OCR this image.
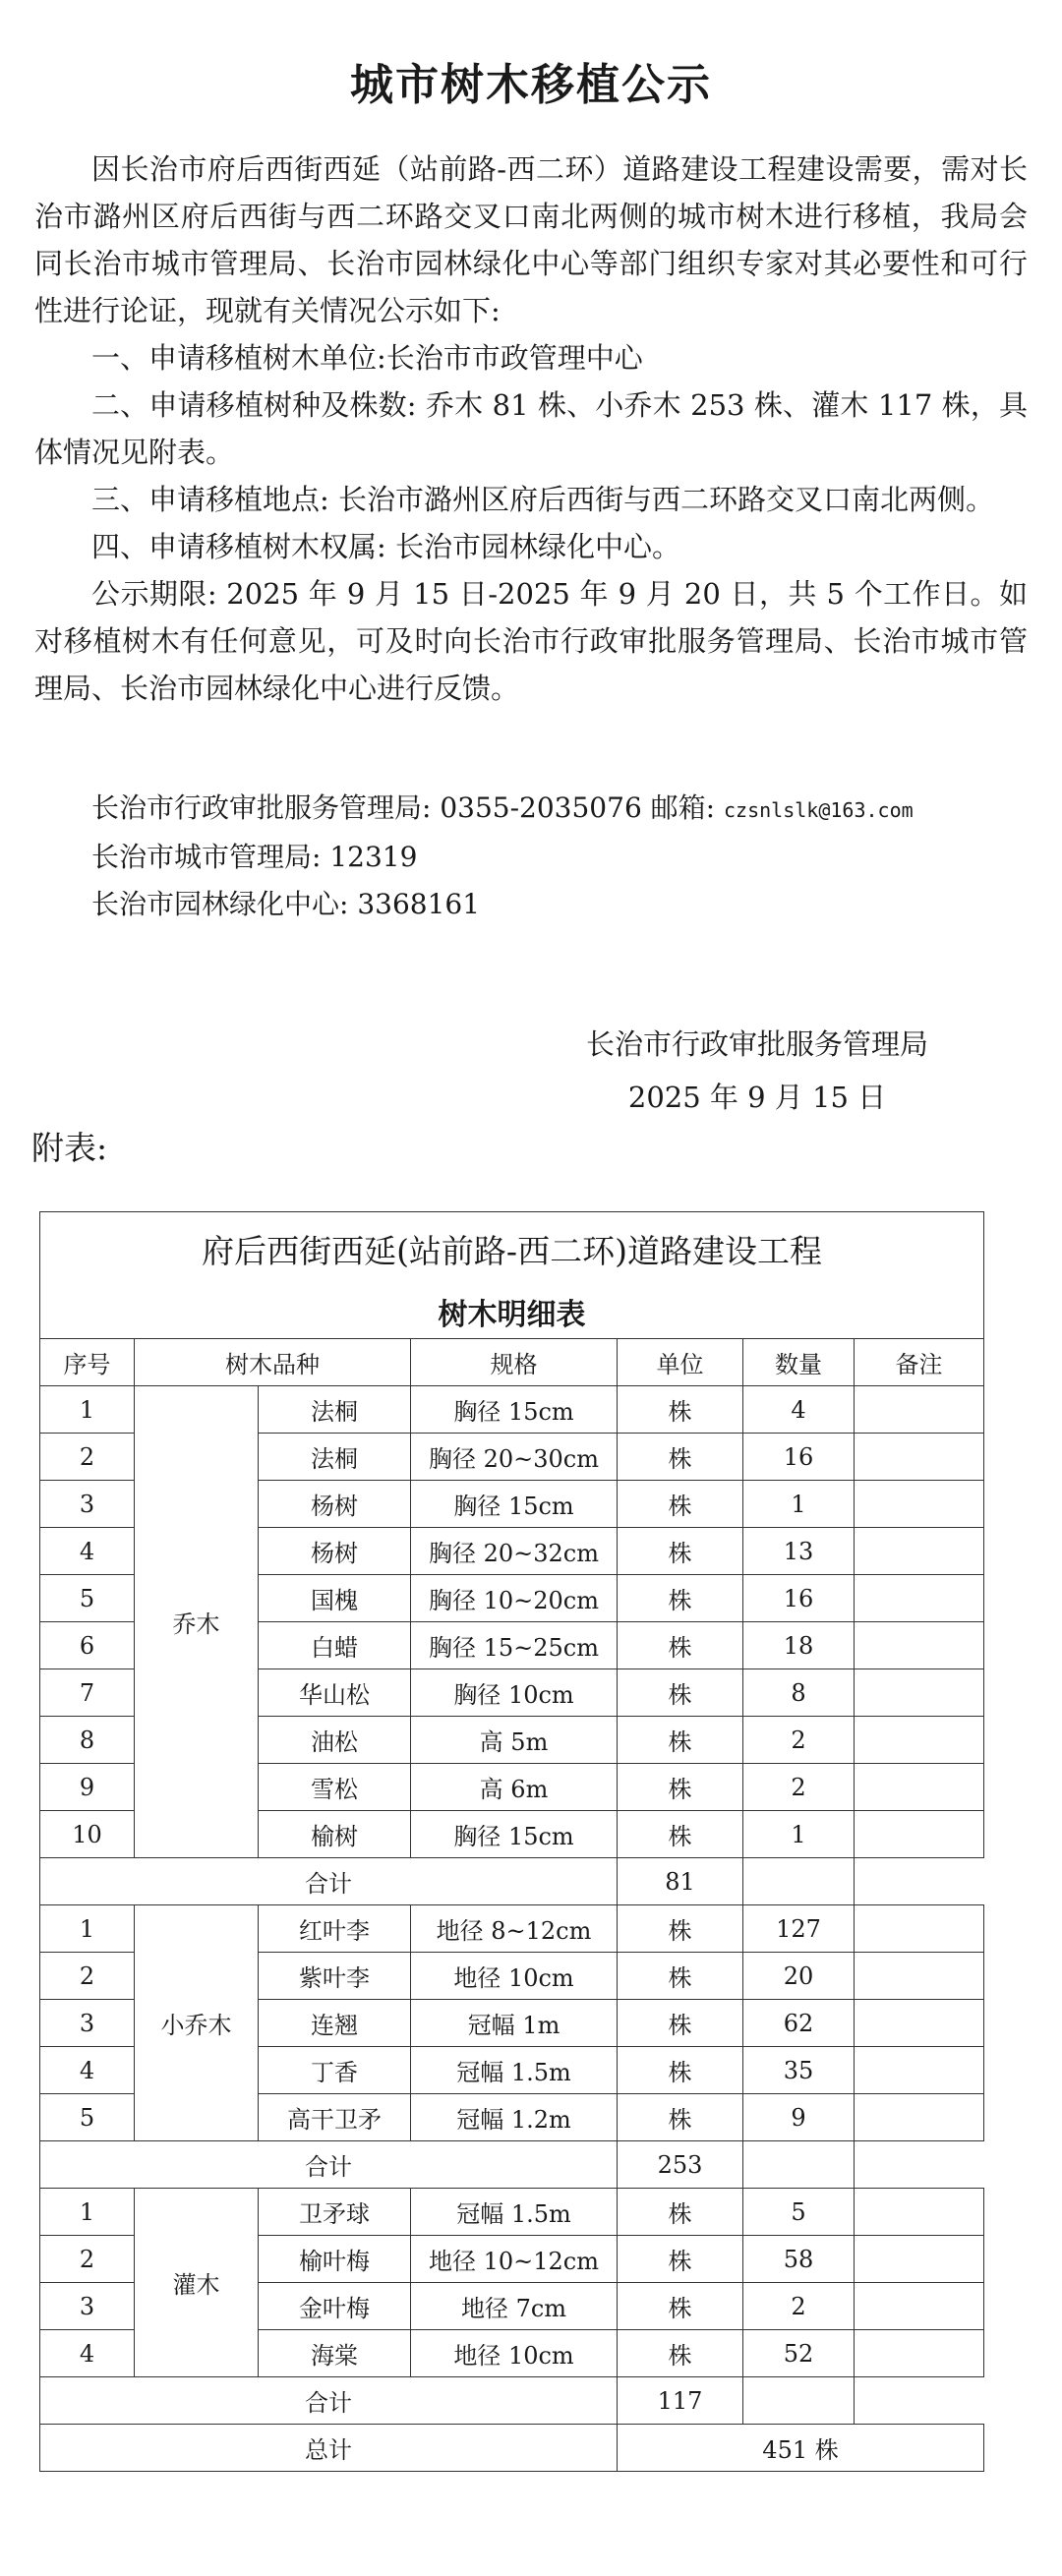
城市树木移植公示

因长治市府后西街西延（站前路-西二环）道路建设工程建设需要，需对长治市潞州区府后西街与西二环路交叉口南北两侧的城市树木进行移植，我局会同长治市城市管理局、长治市园林绿化中心等部门组织专家对其必要性和可行性进行论证，现就有关情况公示如下:

一、申请移植树木单位:长治市市政管理中心

二、申请移植树种及株数: 乔木 81 株、小乔木 253 株、灌木 117 株，具体情况见附表。

三、申请移植地点: 长治市潞州区府后西街与西二环路交叉口南北两侧。

四、申请移植树木权属: 长治市园林绿化中心。

公示期限: 2025 年 9 月 15 日-2025 年 9 月 20 日，共 5 个工作日。如对移植树木有任何意见，可及时向长治市行政审批服务管理局、长治市城市管理局、长治市园林绿化中心进行反馈。

长治市行政审批服务管理局: 0355-2035076 邮箱: czsnlslk@163.com

长治市城市管理局: 12319

长治市园林绿化中心: 3368161

长治市行政审批服务管理局
2025 年 9 月 15 日
附表:
府后西街西延(站前路-西二环)道路建设工程						
树木明细表						
序号	树木品种		规格	单位	数量	备注
1	乔木	法桐	胸径 15cm	株	4	
2		法桐	胸径 20~30cm	株	16	
3		杨树	胸径 15cm	株	1	
4		杨树	胸径 20~32cm	株	13	
5		国槐	胸径 10~20cm	株	16	
6		白蜡	胸径 15~25cm	株	18	
7		华山松	胸径 10cm	株	8	
8		油松	高 5m	株	2	
9		雪松	高 6m	株	2	
10		榆树	胸径 15cm	株	1	
合计				81		
1	小乔木	红叶李	地径 8~12cm	株	127	
2		紫叶李	地径 10cm	株	20	
3		连翘	冠幅 1m	株	62	
4		丁香	冠幅 1.5m	株	35	
5		高干卫矛	冠幅 1.2m	株	9	
合计				253		
1	灌木	卫矛球	冠幅 1.5m	株	5	
2		榆叶梅	地径 10~12cm	株	58	
3		金叶梅	地径 7cm	株	2	
4		海棠	地径 10cm	株	52	
合计				117		
总计				451 株		
